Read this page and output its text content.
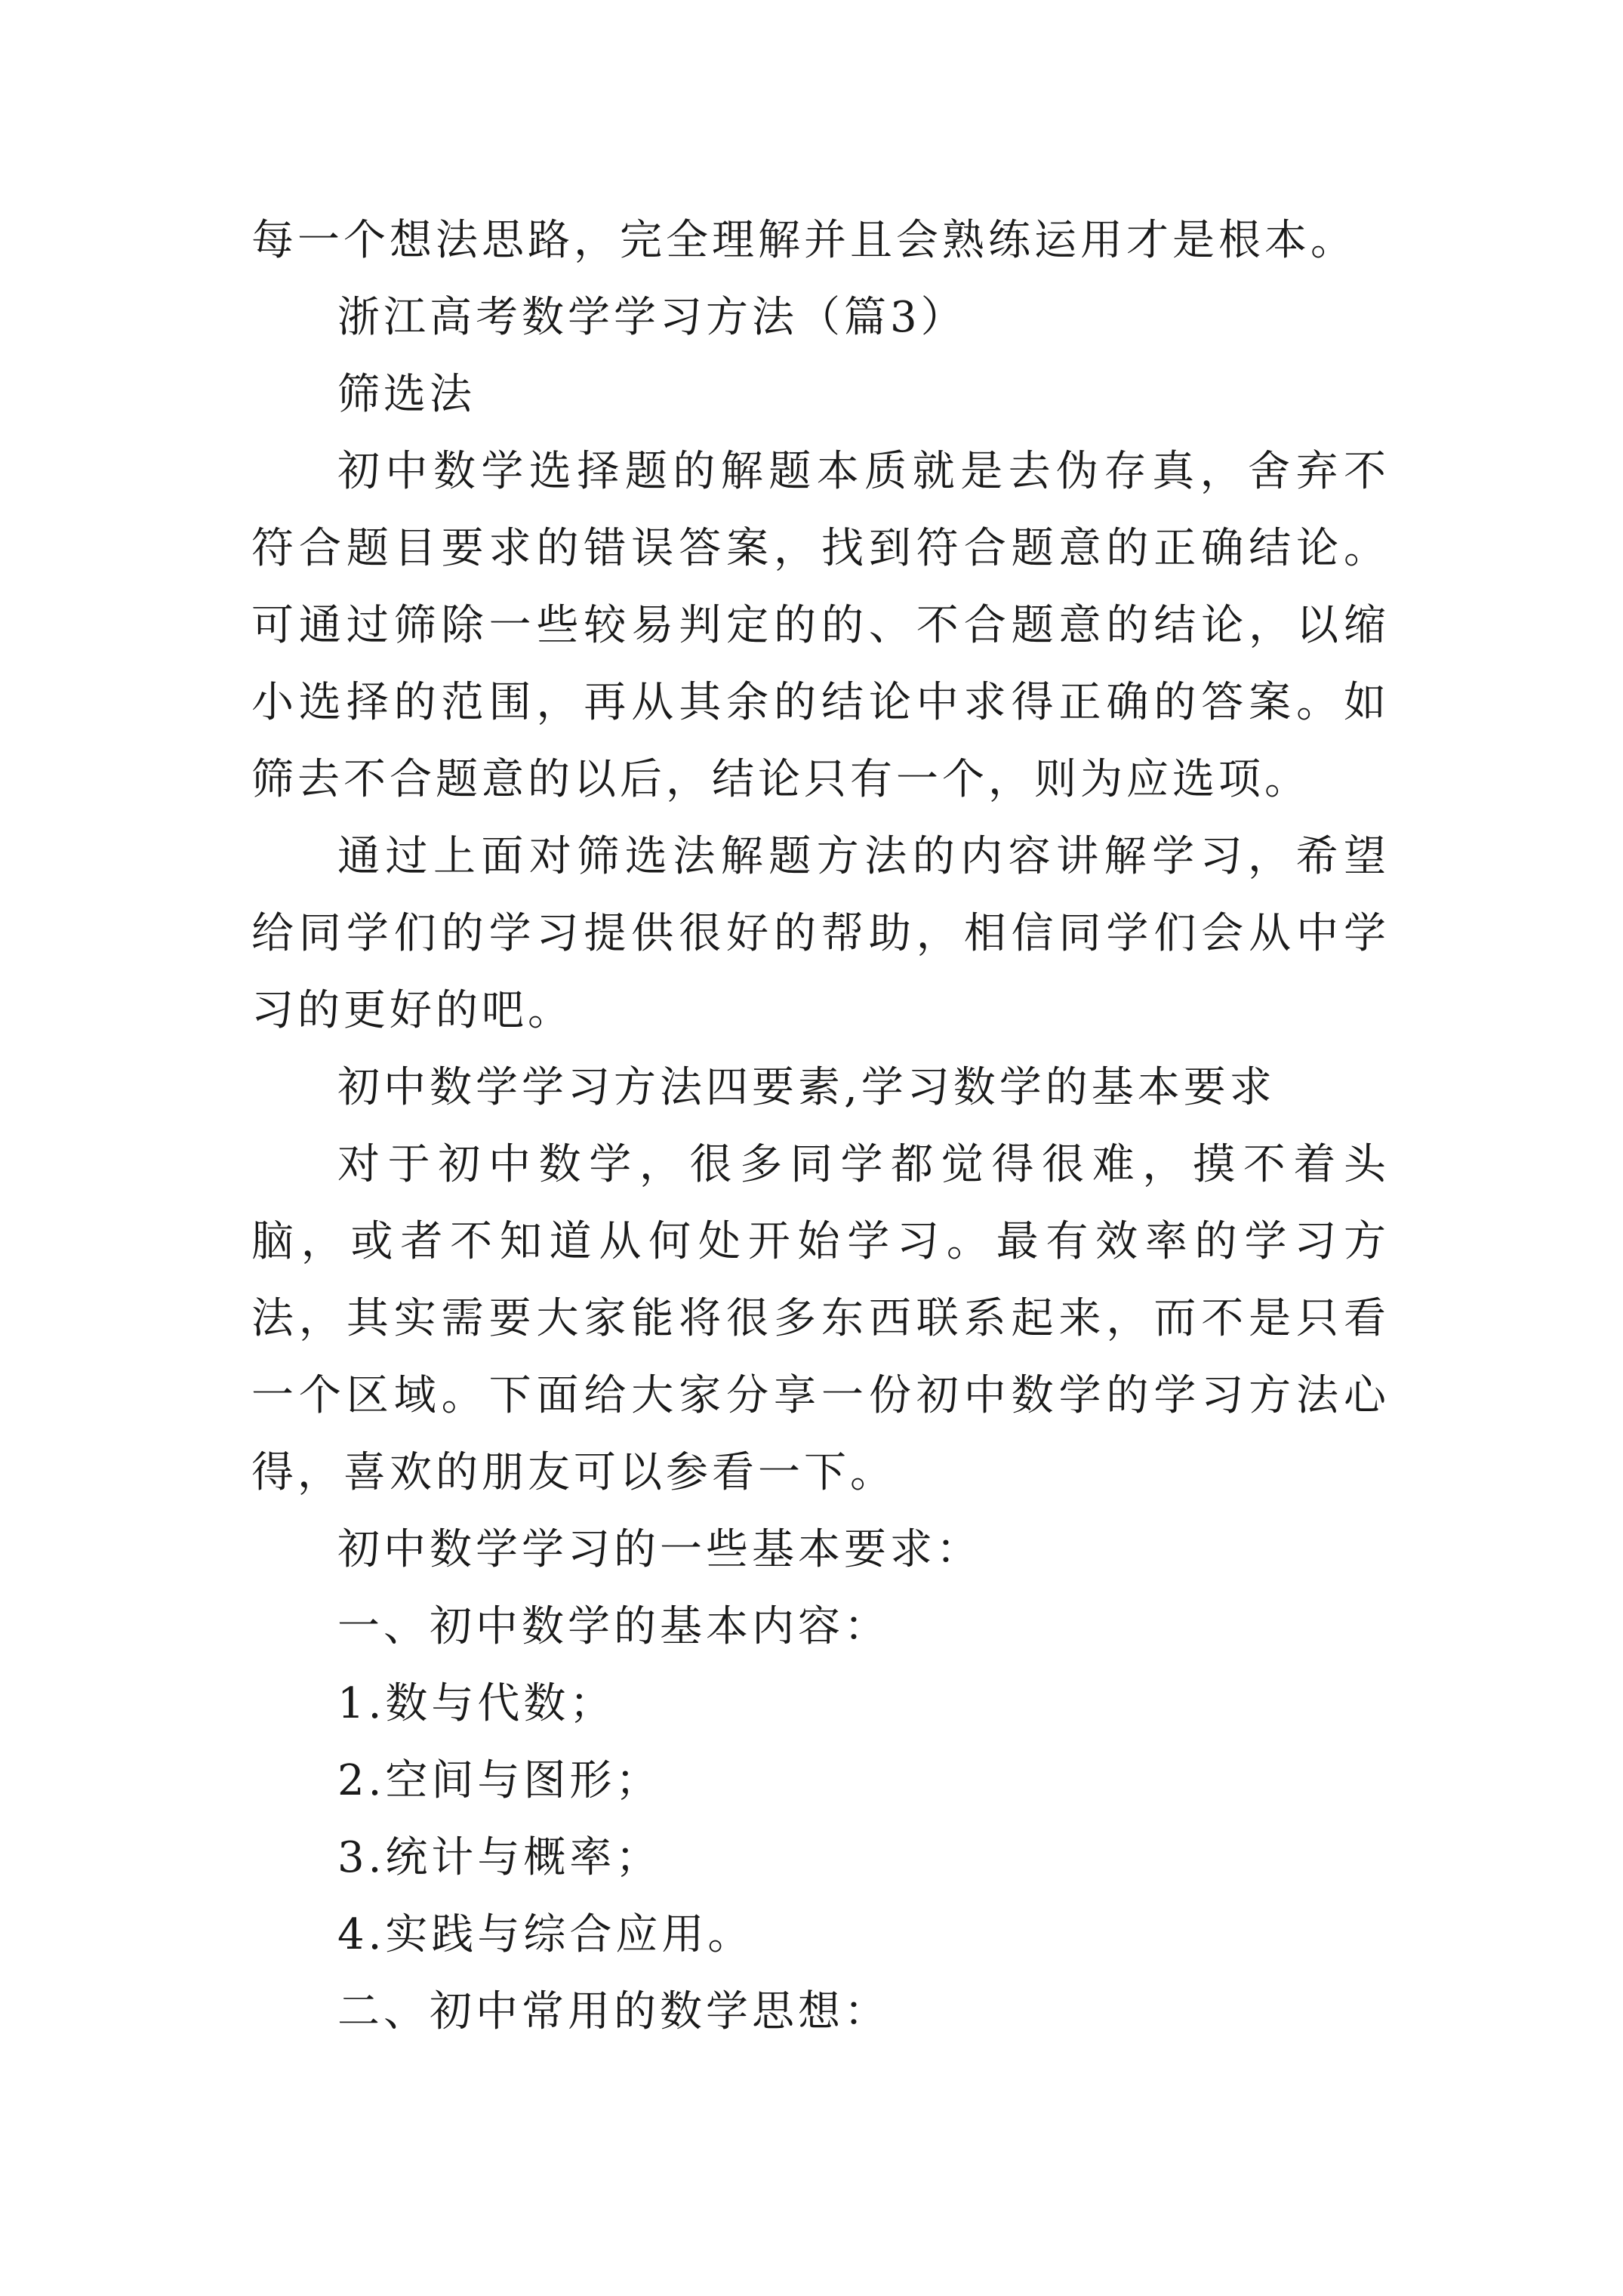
每一个想法思路，完全理解并且会熟练运用才是根本。

浙江高考数学学习方法（篇3）

筛选法

初中数学选择题的解题本质就是去伪存真，舍弃不符合题目要求的错误答案，找到符合题意的正确结论。可通过筛除一些较易判定的的、不合题意的结论，以缩小选择的范围，再从其余的结论中求得正确的答案。如筛去不合题意的以后，结论只有一个，则为应选项。

通过上面对筛选法解题方法的内容讲解学习，希望给同学们的学习提供很好的帮助，相信同学们会从中学习的更好的吧。

初中数学学习方法四要素,学习数学的基本要求

对于初中数学，很多同学都觉得很难，摸不着头脑，或者不知道从何处开始学习。最有效率的学习方法，其实需要大家能将很多东西联系起来，而不是只看一个区域。下面给大家分享一份初中数学的学习方法心得，喜欢的朋友可以参看一下。

初中数学学习的一些基本要求：

一、初中数学的基本内容：

1.数与代数；

2.空间与图形；

3.统计与概率；

4.实践与综合应用。

二、初中常用的数学思想：
